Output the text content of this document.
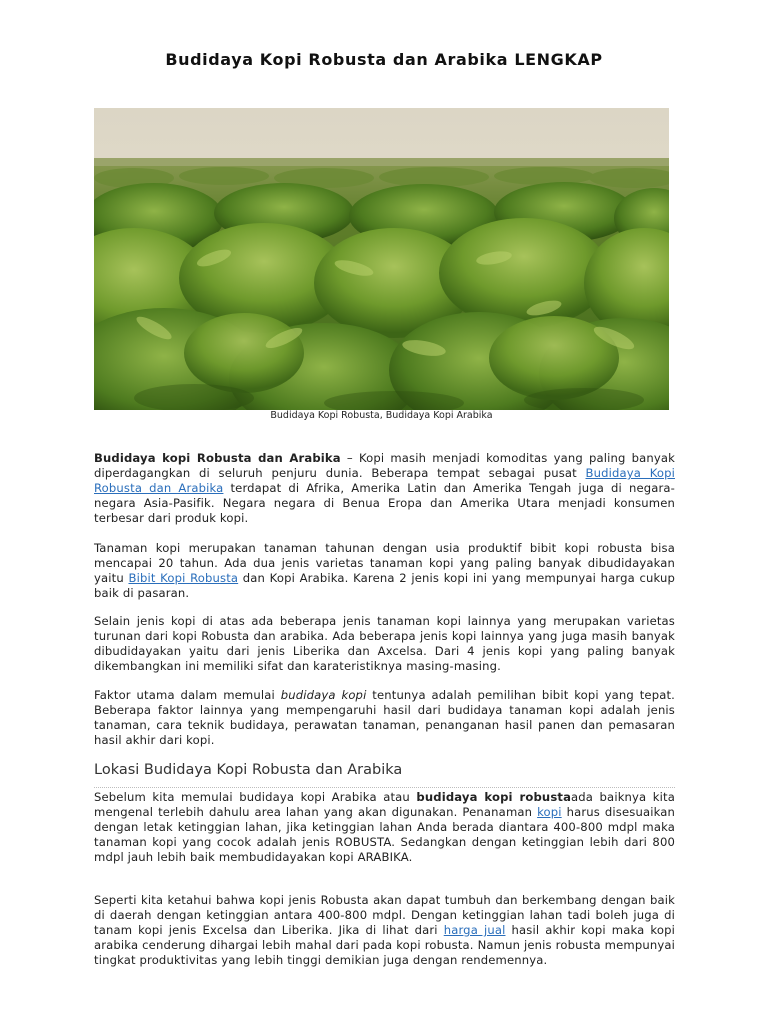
Budidaya Kopi Robusta dan Arabika LENGKAP
Budidaya Kopi Robusta, Budidaya Kopi Arabika

Budidaya kopi Robusta dan Arabika – Kopi masih menjadi komoditas yang paling banyak diperdagangkan di seluruh penjuru dunia. Beberapa tempat sebagai pusat Budidaya Kopi Robusta dan Arabika terdapat di Afrika, Amerika Latin dan Amerika Tengah juga di negara-negara Asia-Pasifik. Negara negara di Benua Eropa dan Amerika Utara menjadi konsumen terbesar dari produk kopi.

Tanaman kopi merupakan tanaman tahunan dengan usia produktif bibit kopi robusta bisa mencapai 20 tahun. Ada dua jenis varietas tanaman kopi yang paling banyak dibudidayakan yaitu Bibit Kopi Robusta dan Kopi Arabika. Karena 2 jenis kopi ini yang mempunyai harga cukup baik di pasaran.

Selain jenis kopi di atas ada beberapa jenis tanaman kopi lainnya yang merupakan varietas turunan dari kopi Robusta dan arabika. Ada beberapa jenis kopi lainnya yang juga masih banyak dibudidayakan yaitu dari jenis Liberika dan Axcelsa. Dari 4 jenis kopi yang paling banyak dikembangkan ini memiliki sifat dan karateristiknya masing-masing.

Faktor utama dalam memulai budidaya kopi tentunya adalah pemilihan bibit kopi yang tepat. Beberapa faktor lainnya yang mempengaruhi hasil dari budidaya tanaman kopi adalah jenis tanaman, cara teknik budidaya, perawatan tanaman, penanganan hasil panen dan pemasaran hasil akhir dari kopi.

Lokasi Budidaya Kopi Robusta dan Arabika

Sebelum kita memulai budidaya kopi Arabika atau budidaya kopi robustaada baiknya kita mengenal terlebih dahulu area lahan yang akan digunakan. Penanaman kopi harus disesuaikan dengan letak ketinggian lahan, jika ketinggian lahan Anda berada diantara 400-800 mdpl maka tanaman kopi yang cocok adalah jenis ROBUSTA. Sedangkan dengan ketinggian lebih dari 800 mdpl jauh lebih baik membudidayakan kopi ARABIKA.

Seperti kita ketahui bahwa kopi jenis Robusta akan dapat tumbuh dan berkembang dengan baik di daerah dengan ketinggian antara 400-800 mdpl. Dengan ketinggian lahan tadi boleh juga di tanam kopi jenis Excelsa dan Liberika. Jika di lihat dari harga jual hasil akhir kopi maka kopi arabika cenderung dihargai lebih mahal dari pada kopi robusta. Namun jenis robusta mempunyai tingkat produktivitas yang lebih tinggi demikian juga dengan rendemennya.
